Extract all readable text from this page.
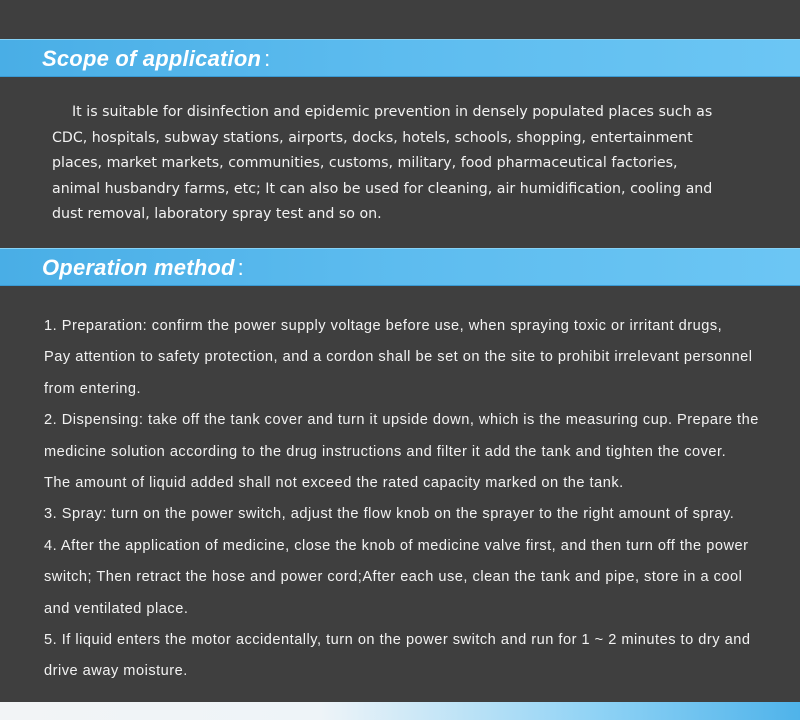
Scope of application :
It is suitable for disinfection and epidemic prevention in densely populated places such as
CDC, hospitals, subway stations, airports, docks, hotels, schools, shopping, entertainment
places, market markets, communities, customs, military, food pharmaceutical factories,
animal husbandry farms, etc; It can also be used for cleaning, air humidification, cooling and
dust removal, laboratory spray test and so on.
Operation method :
1. Preparation: confirm the power supply voltage before use, when spraying toxic or irritant drugs,
Pay attention to safety protection, and a cordon shall be set on the site to prohibit irrelevant personnel
from entering.
2. Dispensing: take off the tank cover and turn it upside down, which is the measuring cup. Prepare the
medicine solution according to the drug instructions and filter it add the tank and tighten the cover.
The amount of liquid added shall not exceed the rated capacity marked on the tank.
3. Spray: turn on the power switch, adjust the flow knob on the sprayer to the right amount of spray.
4. After the application of medicine, close the knob of medicine valve first, and then turn off the power
switch; Then retract the hose and power cord;After each use, clean the tank and pipe, store in a cool
and ventilated place.
5. If liquid enters the motor accidentally, turn on the power switch and run for 1 ~ 2 minutes to dry and
drive away moisture.
